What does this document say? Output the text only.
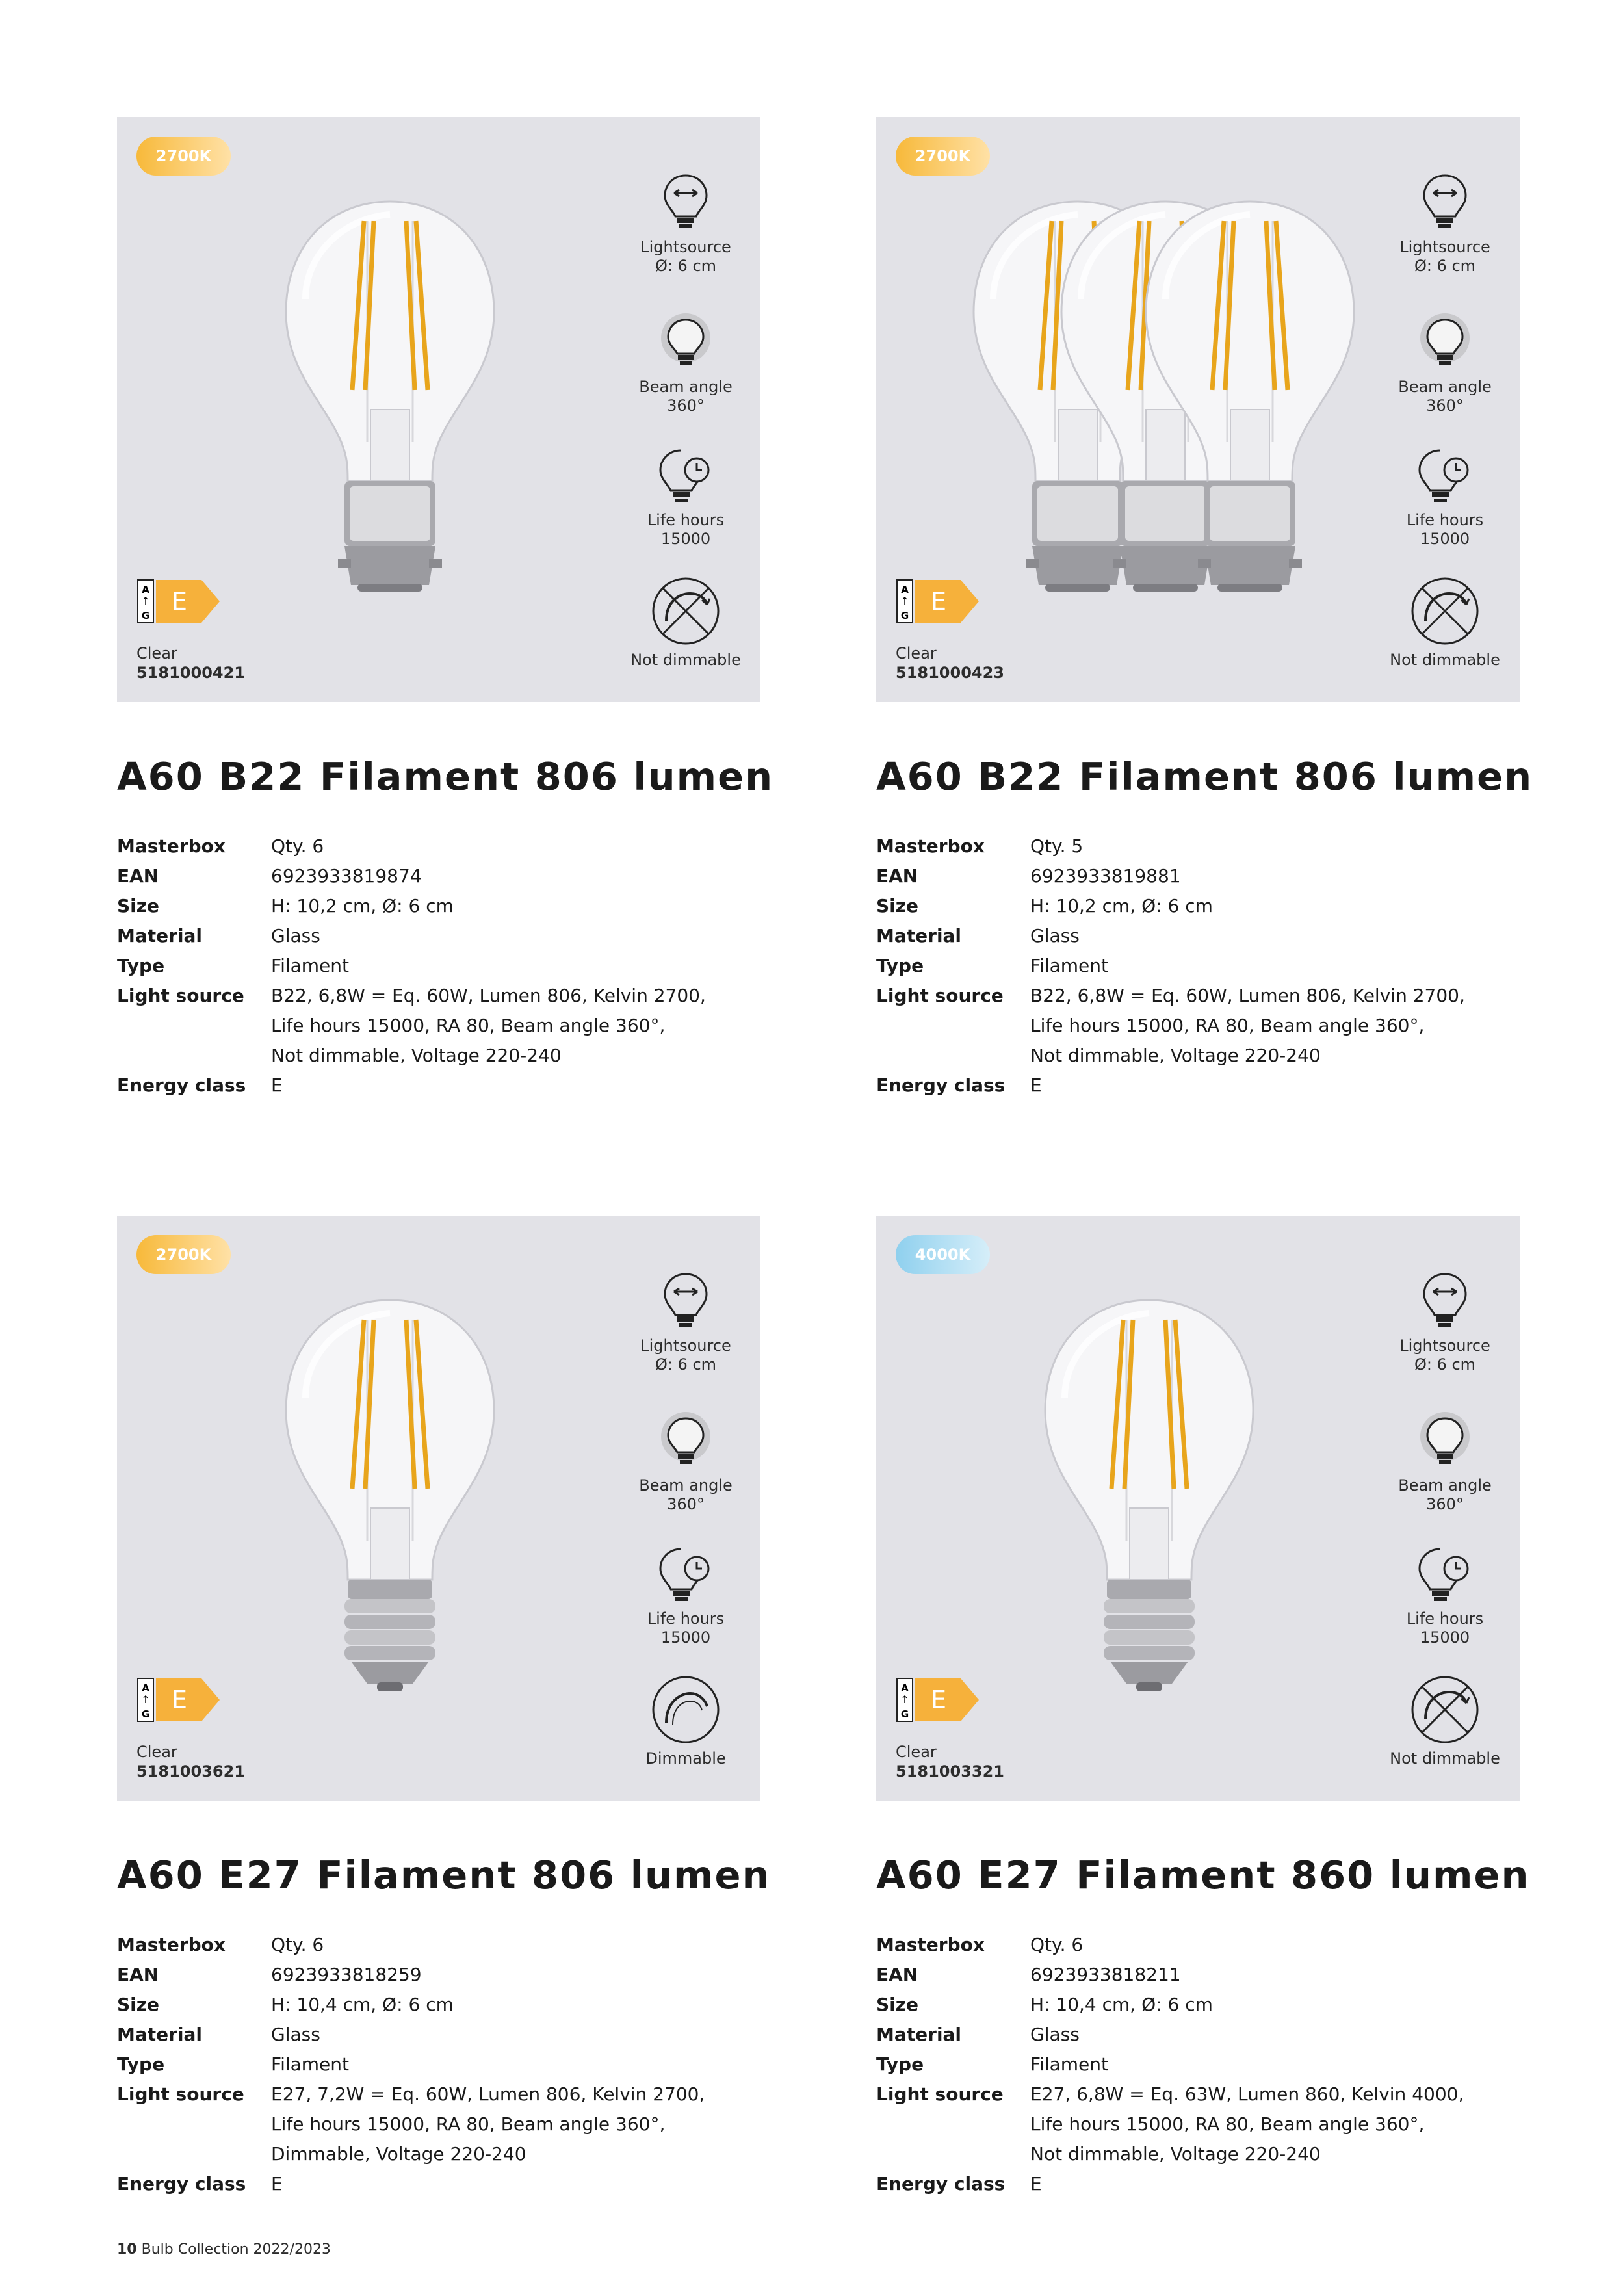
2700K
Lightsource
Ø: 6 cm
Beam angle
360°
Life hours
15000
Not dimmable
A
↑
G E
Clear
5181000421
A60 B22 Filament 806 lumen
Masterbox	Qty. 6
EAN	6923933819874
Size	H: 10,2 cm, Ø: 6 cm
Material	Glass
Type	Filament
Light source	B22, 6,8W = Eq. 60W, Lumen 806, Kelvin 2700,
Life hours 15000, RA 80, Beam angle 360°,
Not dimmable, Voltage 220-240
Energy class	E
2700K
Lightsource
Ø: 6 cm
Beam angle
360°
Life hours
15000
Not dimmable
A
↑
G E
Clear
5181000423
A60 B22 Filament 806 lumen
Masterbox	Qty. 5
EAN	6923933819881
Size	H: 10,2 cm, Ø: 6 cm
Material	Glass
Type	Filament
Light source	B22, 6,8W = Eq. 60W, Lumen 806, Kelvin 2700,
Life hours 15000, RA 80, Beam angle 360°,
Not dimmable, Voltage 220-240
Energy class	E
2700K
Lightsource
Ø: 6 cm
Beam angle
360°
Life hours
15000
Dimmable
A
↑
G E
Clear
5181003621
A60 E27 Filament 806 lumen
Masterbox	Qty. 6
EAN	6923933818259
Size	H: 10,4 cm, Ø: 6 cm
Material	Glass
Type	Filament
Light source	E27, 7,2W = Eq. 60W, Lumen 806, Kelvin 2700,
Life hours 15000, RA 80, Beam angle 360°,
Dimmable, Voltage 220-240
Energy class	E
4000K
Lightsource
Ø: 6 cm
Beam angle
360°
Life hours
15000
Not dimmable
A
↑
G E
Clear
5181003321
A60 E27 Filament 860 lumen
Masterbox	Qty. 6
EAN	6923933818211
Size	H: 10,4 cm, Ø: 6 cm
Material	Glass
Type	Filament
Light source	E27, 6,8W = Eq. 63W, Lumen 860, Kelvin 4000,
Life hours 15000, RA 80, Beam angle 360°,
Not dimmable, Voltage 220-240
Energy class	E
10 Bulb Collection 2022/2023
